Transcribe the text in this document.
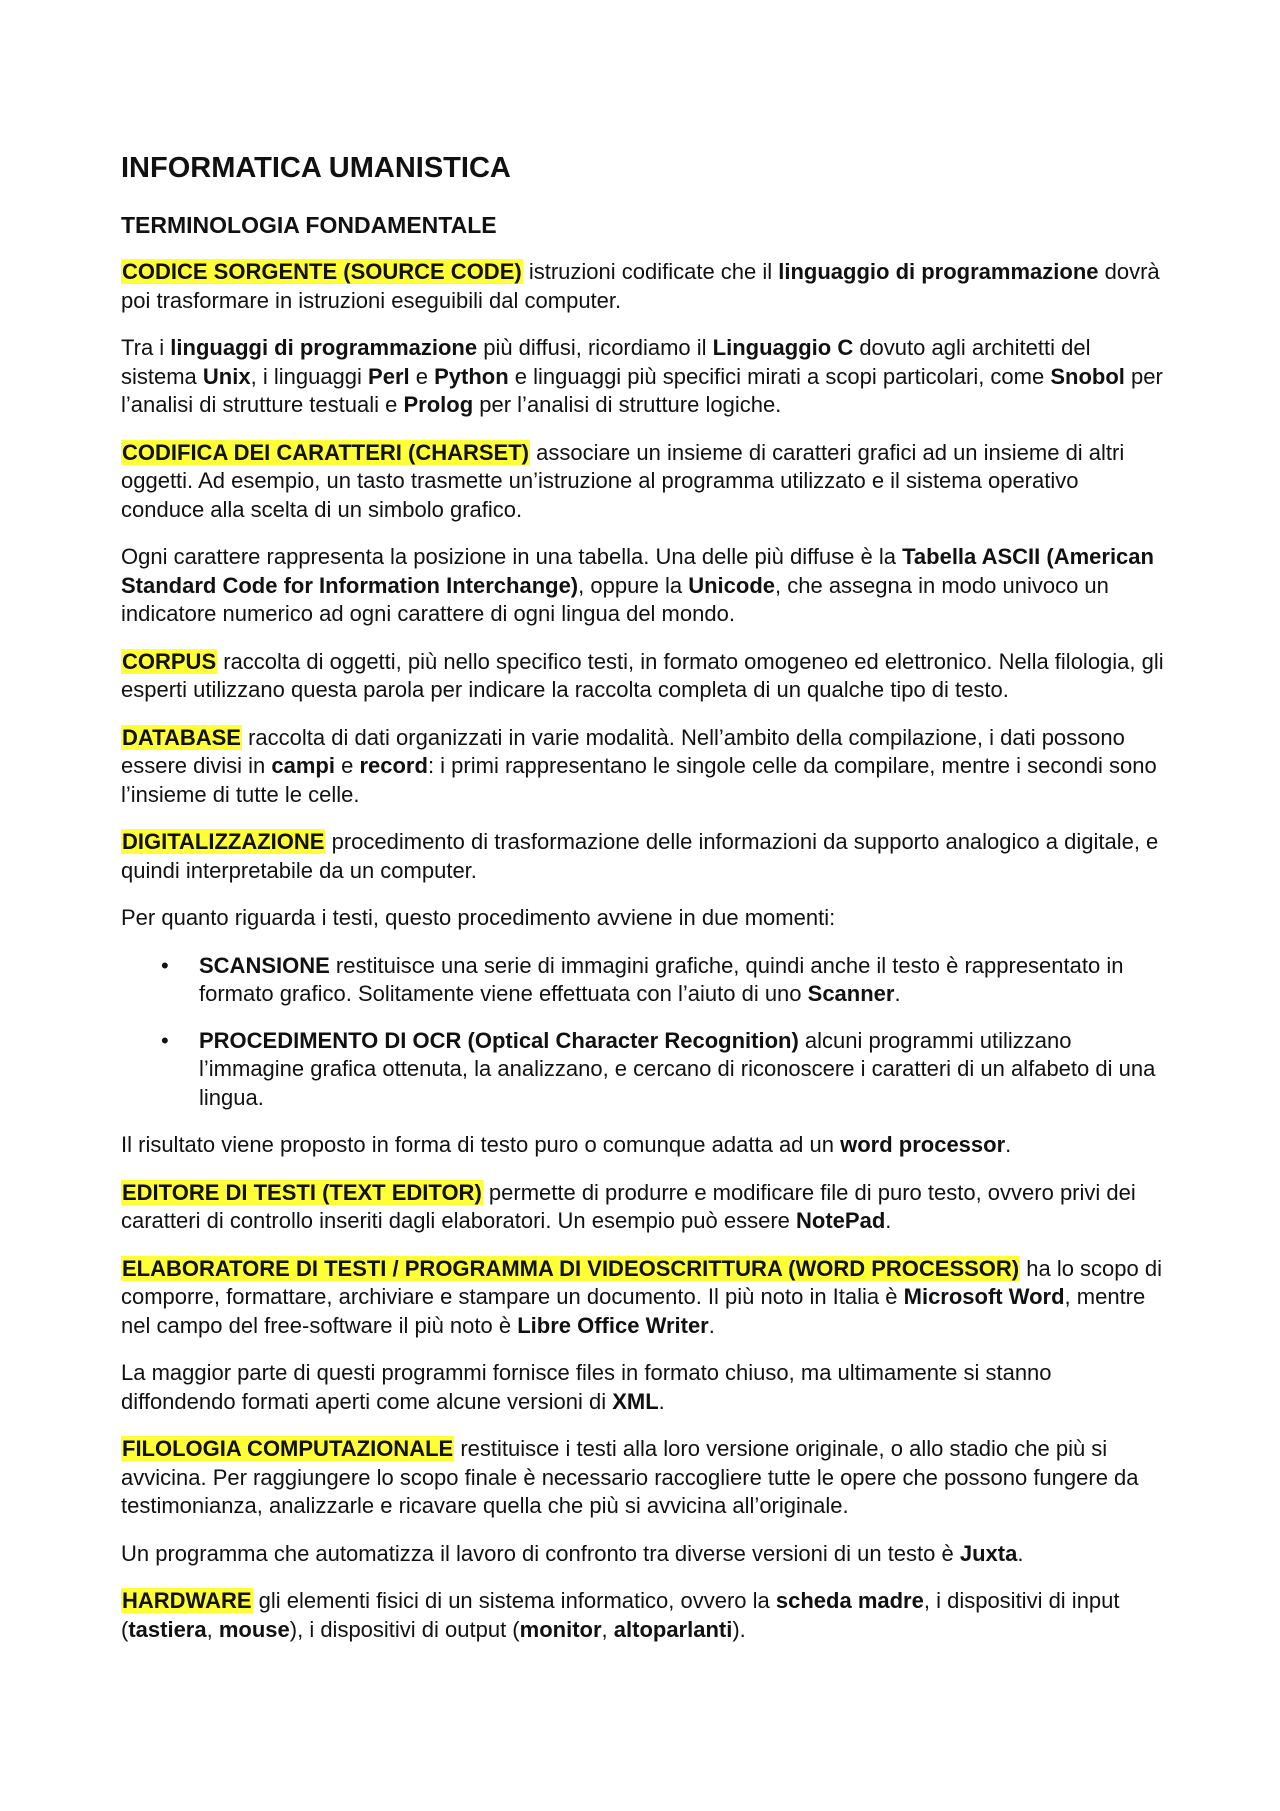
INFORMATICA UMANISTICA
TERMINOLOGIA FONDAMENTALE

CODICE SORGENTE (SOURCE CODE) istruzioni codificate che il linguaggio di programmazione dovrà poi trasformare in istruzioni eseguibili dal computer.

Tra i linguaggi di programmazione più diffusi, ricordiamo il Linguaggio C dovuto agli architetti del sistema Unix, i linguaggi Perl e Python e linguaggi più specifici mirati a scopi particolari, come Snobol per l’analisi di strutture testuali e Prolog per l’analisi di strutture logiche.

CODIFICA DEI CARATTERI (CHARSET) associare un insieme di caratteri grafici ad un insieme di altri oggetti. Ad esempio, un tasto trasmette un’istruzione al programma utilizzato e il sistema operativo conduce alla scelta di un simbolo grafico.

Ogni carattere rappresenta la posizione in una tabella. Una delle più diffuse è la Tabella ASCII (American Standard Code for Information Interchange), oppure la Unicode, che assegna in modo univoco un indicatore numerico ad ogni carattere di ogni lingua del mondo.

CORPUS raccolta di oggetti, più nello specifico testi, in formato omogeneo ed elettronico. Nella filologia, gli esperti utilizzano questa parola per indicare la raccolta completa di un qualche tipo di testo.

DATABASE raccolta di dati organizzati in varie modalità. Nell’ambito della compilazione, i dati possono essere divisi in campi e record: i primi rappresentano le singole celle da compilare, mentre i secondi sono l’insieme di tutte le celle.

DIGITALIZZAZIONE procedimento di trasformazione delle informazioni da supporto analogico a digitale, e quindi interpretabile da un computer.

Per quanto riguarda i testi, questo procedimento avviene in due momenti:

• SCANSIONE restituisce una serie di immagini grafiche, quindi anche il testo è rappresentato in formato grafico. Solitamente viene effettuata con l’aiuto di uno Scanner.
• PROCEDIMENTO DI OCR (Optical Character Recognition) alcuni programmi utilizzano l’immagine grafica ottenuta, la analizzano, e cercano di riconoscere i caratteri di un alfabeto di una lingua.

Il risultato viene proposto in forma di testo puro o comunque adatta ad un word processor.

EDITORE DI TESTI (TEXT EDITOR) permette di produrre e modificare file di puro testo, ovvero privi dei caratteri di controllo inseriti dagli elaboratori. Un esempio può essere NotePad.

ELABORATORE DI TESTI / PROGRAMMA DI VIDEOSCRITTURA (WORD PROCESSOR) ha lo scopo di comporre, formattare, archiviare e stampare un documento. Il più noto in Italia è Microsoft Word, mentre nel campo del free-software il più noto è Libre Office Writer.

La maggior parte di questi programmi fornisce files in formato chiuso, ma ultimamente si stanno diffondendo formati aperti come alcune versioni di XML.

FILOLOGIA COMPUTAZIONALE restituisce i testi alla loro versione originale, o allo stadio che più si avvicina. Per raggiungere lo scopo finale è necessario raccogliere tutte le opere che possono fungere da testimonianza, analizzarle e ricavare quella che più si avvicina all’originale.

Un programma che automatizza il lavoro di confronto tra diverse versioni di un testo è Juxta.

HARDWARE gli elementi fisici di un sistema informatico, ovvero la scheda madre, i dispositivi di input (tastiera, mouse), i dispositivi di output (monitor, altoparlanti).
